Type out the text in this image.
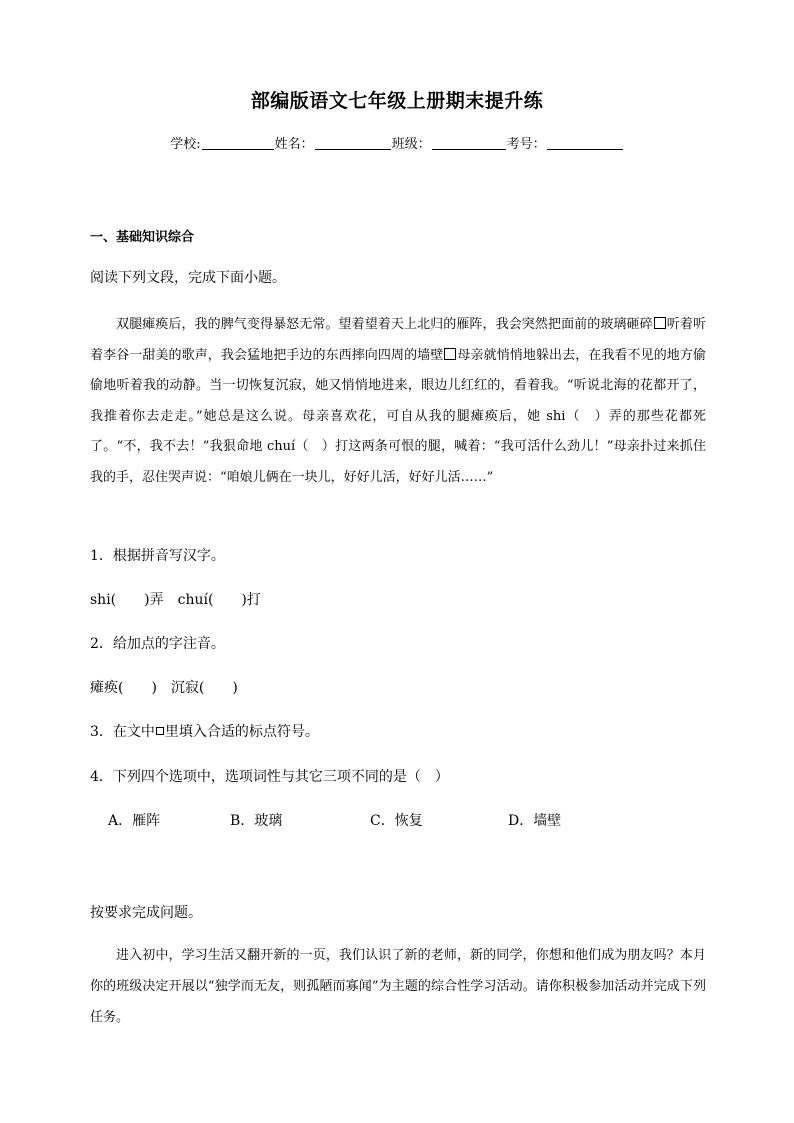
部编版语文七年级上册期末提升练
学校:	姓名：	班级：	考号：
一、基础知识综合
阅读下列文段，完成下面小题。

双腿瘫痪后，我的脾气变得暴怒无常。望着望着天上北归的雁阵，我会突然把面前的玻璃砸碎 听着听着李谷一甜美的歌声，我会猛地把手边的东西摔向四周的墙壁 母亲就悄悄地躲出去，在我看不见的地方偷偷地听着我的动静。当一切恢复沉寂，她又悄悄地进来，眼边儿红红的，看着我。“听说北海的花都开了，我推着你去走走。”她总是这么说。母亲喜欢花，可自从我的腿瘫痪后，她 shi（　）弄的那些花都死了。“不，我不去！”我狠命地 chuí（　）打这两条可恨的腿，喊着：“我可活什么劲儿！”母亲扑过来抓住我的手，忍住哭声说：“咱娘儿俩在一块儿，好好儿活，好好儿活……”

1．根据拼音写汉字。
shi(　　)弄　chuí(　　)打
2．给加点的字注音。
瘫痪(　　)　沉寂(　　)
3．在文中 里填入合适的标点符号。
4．下列四个选项中，选项词性与其它三项不同的是（　）
A．雁阵	B．玻璃	C．恢复	D．墙壁
按要求完成问题。

进入初中，学习生活又翻开新的一页，我们认识了新的老师，新的同学，你想和他们成为朋友吗？本月你的班级决定开展以“独学而无友，则孤陋而寡闻”为主题的综合性学习活动。请你积极参加活动并完成下列任务。
